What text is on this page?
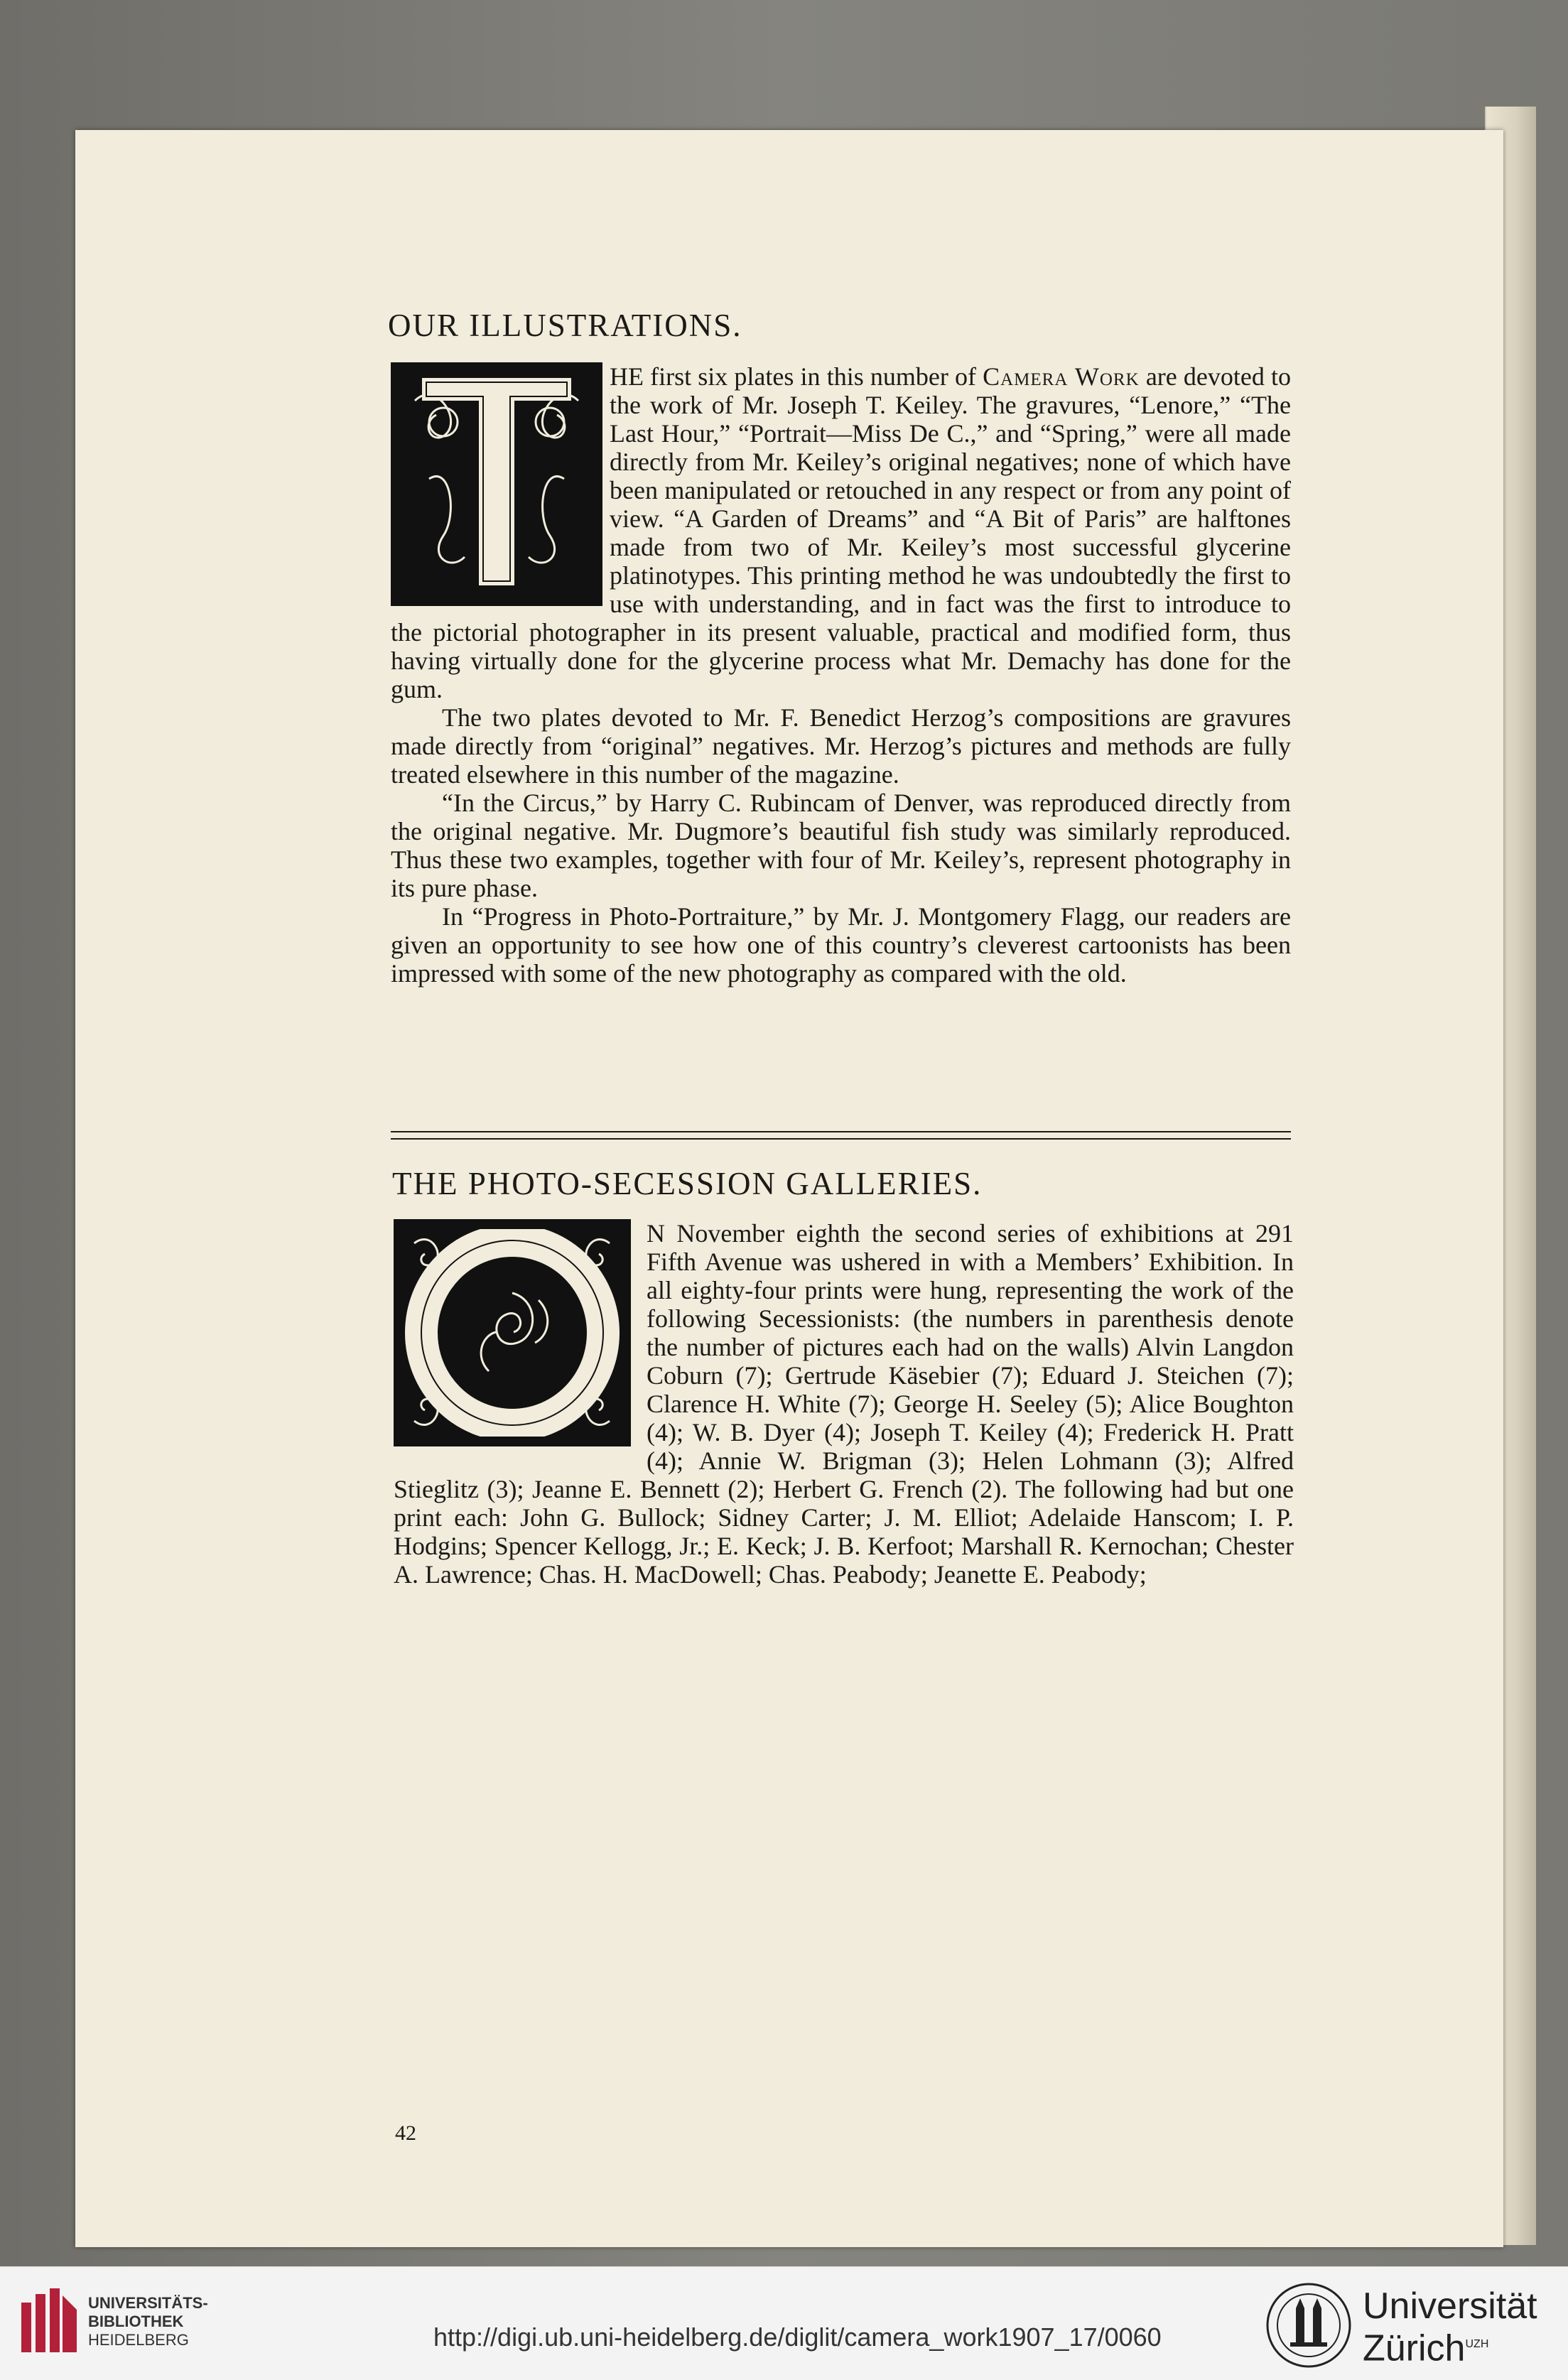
OUR ILLUSTRATIONS.

HE first six plates in this number of Camera Work are devoted to the work of Mr. Joseph T. Keiley. The gravures, “Lenore,” “The Last Hour,” “Portrait—Miss De C.,” and “Spring,” were all made directly from Mr. Keiley’s original negatives; none of which have been manipulated or retouched in any respect or from any point of view. “A Garden of Dreams” and “A Bit of Paris” are halftones made from two of Mr. Keiley’s most successful glycerine platinotypes. This printing method he was undoubtedly the first to use with understanding, and in fact was the first to introduce to the pictorial photographer in its present valuable, practical and modified form, thus having virtually done for the glycerine process what Mr. Demachy has done for the gum.

The two plates devoted to Mr. F. Benedict Herzog’s compositions are gravures made directly from “original” negatives. Mr. Herzog’s pictures and methods are fully treated elsewhere in this number of the magazine.

“In the Circus,” by Harry C. Rubincam of Denver, was reproduced directly from the original negative. Mr. Dugmore’s beautiful fish study was similarly reproduced. Thus these two examples, together with four of Mr. Keiley’s, represent photography in its pure phase.

In “Progress in Photo-Portraiture,” by Mr. J. Montgomery Flagg, our readers are given an opportunity to see how one of this country’s cleverest cartoonists has been impressed with some of the new photography as compared with the old.

THE PHOTO-SECESSION GALLERIES.

N November eighth the second series of exhibitions at 291 Fifth Avenue was ushered in with a Members’ Exhibition. In all eighty-four prints were hung, representing the work of the following Secessionists: (the numbers in parenthesis denote the number of pictures each had on the walls) Alvin Langdon Coburn (7); Gertrude Käsebier (7); Eduard J. Steichen (7); Clarence H. White (7); George H. Seeley (5); Alice Boughton (4); W. B. Dyer (4); Joseph T. Keiley (4); Frederick H. Pratt (4); Annie W. Brigman (3); Helen Lohmann (3); Alfred Stieglitz (3); Jeanne E. Bennett (2); Herbert G. French (2). The following had but one print each: John G. Bullock; Sidney Carter; J. M. Elliot; Adelaide Hanscom; I. P. Hodgins; Spencer Kellogg, Jr.; E. Keck; J. B. Kerfoot; Marshall R. Kernochan; Chester A. Lawrence; Chas. H. MacDowell; Chas. Peabody; Jeanette E. Peabody;

42
UNIVERSITÄTS-
BIBLIOTHEK
HEIDELBERG	http://digi.ub.uni-heidelberg.de/diglit/camera_work1907_17/0060
Universität
Zürich$^{UZH}$
